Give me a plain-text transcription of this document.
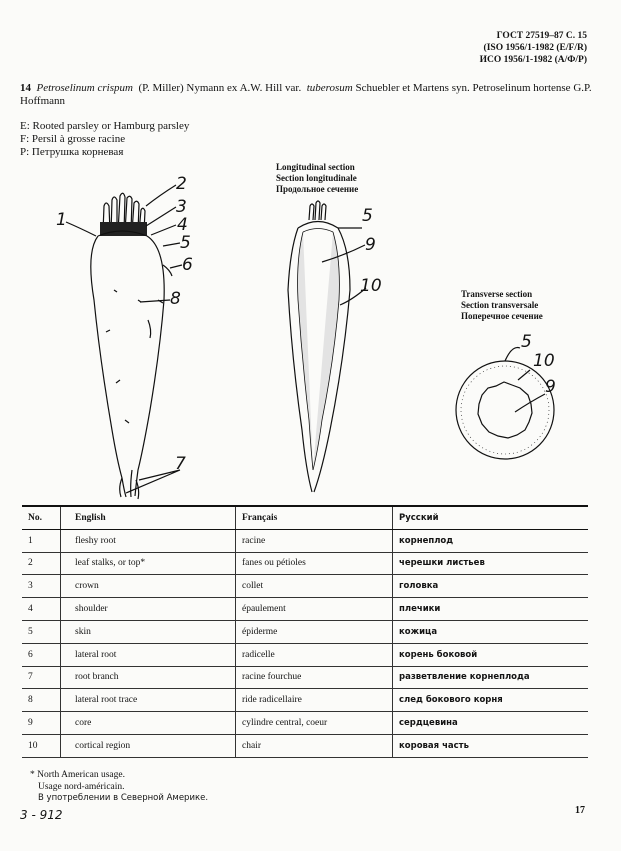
ГОСТ 27519–87 С. 15
(ISO 1956/1-1982 (E/F/R)
ИСО 1956/1-1982 (А/Ф/Р)
14 Petroselinum crispum (P. Miller) Nymann ex A.W. Hill var. tuberosum Schuebler et Martens syn. Petroselinum hortense G.P. Hoffmann
E: Rooted parsley or Hamburg parsley
F: Persil à grosse racine
P: Петрушка корневая
Longitudinal section
Section longitudinale
Продольное сечение
Transverse section
Section transversale
Поперечное сечение
1
2
3
4
5
6
8
7
5
9
10
5
10
9
No.	English	Français	Русский
1	fleshy root	racine	корнеплод
2	leaf stalks, or top*	fanes ou pétioles	черешки листьев
3	crown	collet	головка
4	shoulder	épaulement	плечики
5	skin	épiderme	кожица
6	lateral root	radicelle	корень боковой
7	root branch	racine fourchue	разветвление корнеплода
8	lateral root trace	ride radicellaire	след бокового корня
9	core	cylindre central, coeur	сердцевина
10	cortical region	chair	коровая часть
* North American usage.
Usage nord-américain.
В употреблении в Северной Америке.
17
3 - 912
